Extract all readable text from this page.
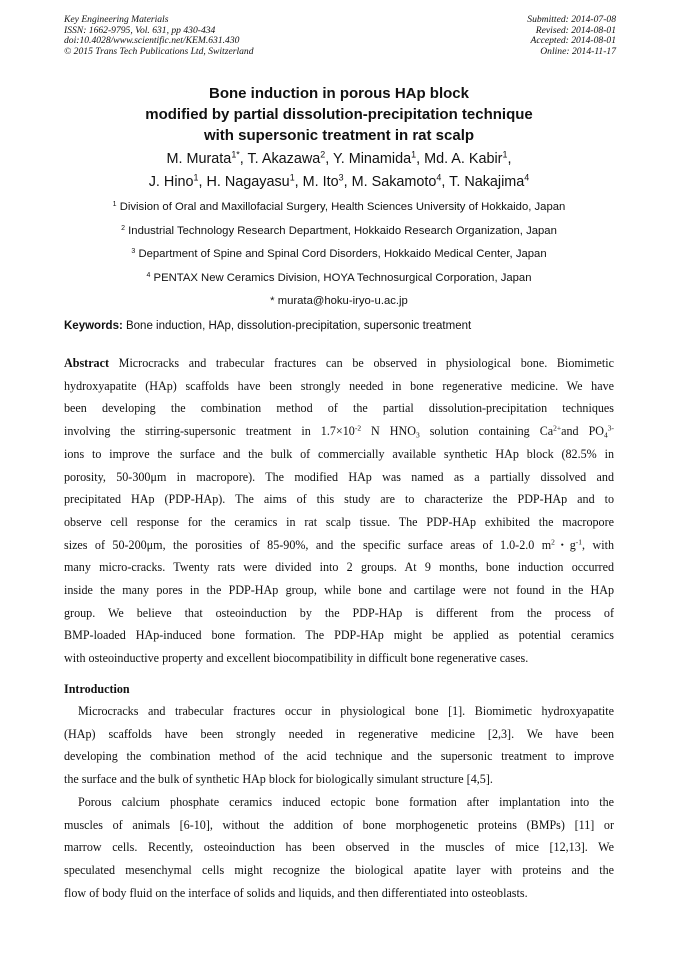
Key Engineering Materials
ISSN: 1662-9795, Vol. 631, pp 430-434
doi:10.4028/www.scientific.net/KEM.631.430
© 2015 Trans Tech Publications Ltd, Switzerland
Submitted: 2014-07-08
Revised: 2014-08-01
Accepted: 2014-08-01
Online: 2014-11-17
Bone induction in porous HAp block
modified by partial dissolution-precipitation technique
with supersonic treatment in rat scalp
M. Murata$^{1*}$, T. Akazawa$^2$, Y. Minamida$^1$, Md. A. Kabir$^1$,
J. Hino$^1$, H. Nagayasu$^1$, M. Ito$^3$, M. Sakamoto$^4$, T. Nakajima$^4$
$^1$ Division of Oral and Maxillofacial Surgery, Health Sciences University of Hokkaido, Japan
$^2$ Industrial Technology Research Department, Hokkaido Research Organization, Japan
$^3$ Department of Spine and Spinal Cord Disorders, Hokkaido Medical Center, Japan
$^4$ PENTAX New Ceramics Division, HOYA Technosurgical Corporation, Japan
* murata@hoku-iryo-u.ac.jp
Keywords: Bone induction, HAp, dissolution-precipitation, supersonic treatment
Abstract Microcracks and trabecular fractures can be observed in physiological bone. Biomimetic
hydroxyapatite (HAp) scaffolds have been strongly needed in bone regenerative medicine. We have
been developing the combination method of the partial dissolution-precipitation techniques
involving the stirring-supersonic treatment in $1.7\times 10^{-2}$ N $HNO_3$ solution containing $Ca^{2+}and$ $PO_4^{3-}$
ions to improve the surface and the bulk of commercially available synthetic HAp block (82.5% in
porosity, 50-300μm in macropore). The modified HAp was named as a partially dissolved and
precipitated HAp (PDP-HAp). The aims of this study are to characterize the PDP-HAp and to
observe cell response for the ceramics in rat scalp tissue. The PDP-HAp exhibited the macropore
sizes of 50-200μm, the porosities of 85-90%, and the specific surface areas of 1.0-2.0 $m^2$･$g^{-1}$, with
many micro-cracks. Twenty rats were divided into 2 groups. At 9 months, bone induction occurred
inside the many pores in the PDP-HAp group, while bone and cartilage were not found in the HAp
group. We believe that osteoinduction by the PDP-HAp is different from the process of
BMP-loaded HAp-induced bone formation. The PDP-HAp might be applied as potential ceramics
with osteoinductive property and excellent biocompatibility in difficult bone regenerative cases.
Introduction
Microcracks and trabecular fractures occur in physiological bone [1]. Biomimetic hydroxyapatite
(HAp) scaffolds have been strongly needed in regenerative medicine [2,3]. We have been
developing the combination method of the acid technique and the supersonic treatment to improve
the surface and the bulk of synthetic HAp block for biologically simulant structure [4,5].
Porous calcium phosphate ceramics induced ectopic bone formation after implantation into the
muscles of animals [6-10], without the addition of bone morphogenetic proteins (BMPs) [11] or
marrow cells. Recently, osteoinduction has been observed in the muscles of mice [12,13]. We
speculated mesenchymal cells might recognize the biological apatite layer with proteins and the
flow of body fluid on the interface of solids and liquids, and then differentiated into osteoblasts.
